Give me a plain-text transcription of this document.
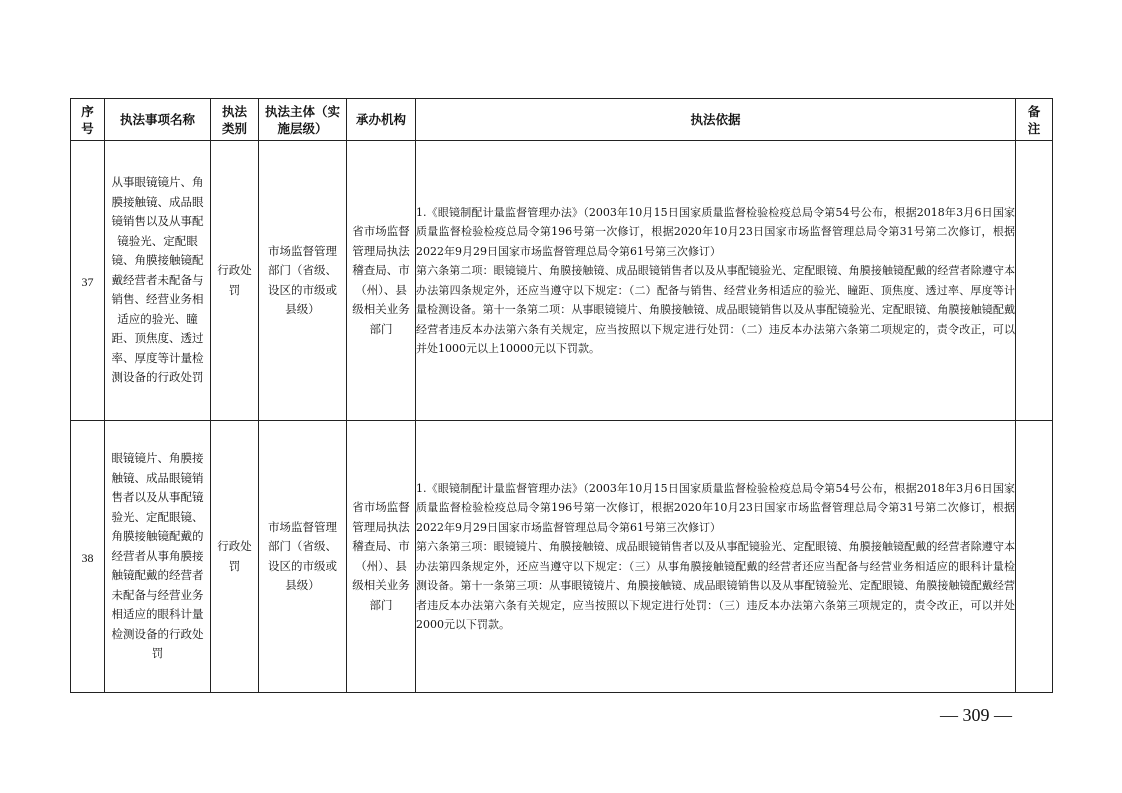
序号	执法事项名称	执法类别	执法主体（实施层级）	承办机构	执法依据	备注
37	从事眼镜镜片、角膜接触镜、成品眼镜销售以及从事配镜验光、定配眼镜、角膜接触镜配戴经营者未配备与销售、经营业务相适应的验光、瞳距、顶焦度、透过率、厚度等计量检测设备的行政处罚	行政处罚	市场监督管理部门（省级、设区的市级或县级）	省市场监督管理局执法稽查局、市（州）、县级相关业务部门	1.《眼镜制配计量监督管理办法》（2003年10月15日国家质量监督检验检疫总局令第54号公布，根据2018年3月6日国家质量监督检验检疫总局令第196号第一次修订，根据2020年10月23日国家市场监督管理总局令第31号第二次修订，根据2022年9月29日国家市场监督管理总局令第61号第三次修订）
第六条第二项：眼镜镜片、角膜接触镜、成品眼镜销售者以及从事配镜验光、定配眼镜、角膜接触镜配戴的经营者除遵守本办法第四条规定外，还应当遵守以下规定：（二）配备与销售、经营业务相适应的验光、瞳距、顶焦度、透过率、厚度等计量检测设备。第十一条第二项：从事眼镜镜片、角膜接触镜、成品眼镜销售以及从事配镜验光、定配眼镜、角膜接触镜配戴经营者违反本办法第六条有关规定，应当按照以下规定进行处罚：（二）违反本办法第六条第二项规定的，责令改正，可以并处1000元以上10000元以下罚款。	

38	眼镜镜片、角膜接触镜、成品眼镜销售者以及从事配镜验光、定配眼镜、角膜接触镜配戴的经营者从事角膜接触镜配戴的经营者未配备与经营业务相适应的眼科计量检测设备的行政处罚	行政处罚	市场监督管理部门（省级、设区的市级或县级）	省市场监督管理局执法稽查局、市（州）、县级相关业务部门	1.《眼镜制配计量监督管理办法》（2003年10月15日国家质量监督检验检疫总局令第54号公布，根据2018年3月6日国家质量监督检验检疫总局令第196号第一次修订，根据2020年10月23日国家市场监督管理总局令第31号第二次修订，根据2022年9月29日国家市场监督管理总局令第61号第三次修订）
第六条第三项：眼镜镜片、角膜接触镜、成品眼镜销售者以及从事配镜验光、定配眼镜、角膜接触镜配戴的经营者除遵守本办法第四条规定外，还应当遵守以下规定：（三）从事角膜接触镜配戴的经营者还应当配备与经营业务相适应的眼科计量检测设备。第十一条第三项：从事眼镜镜片、角膜接触镜、成品眼镜销售以及从事配镜验光、定配眼镜、角膜接触镜配戴经营者违反本办法第六条有关规定，应当按照以下规定进行处罚：（三）违反本办法第六条第三项规定的，责令改正，可以并处2000元以下罚款。	

— 309 —
